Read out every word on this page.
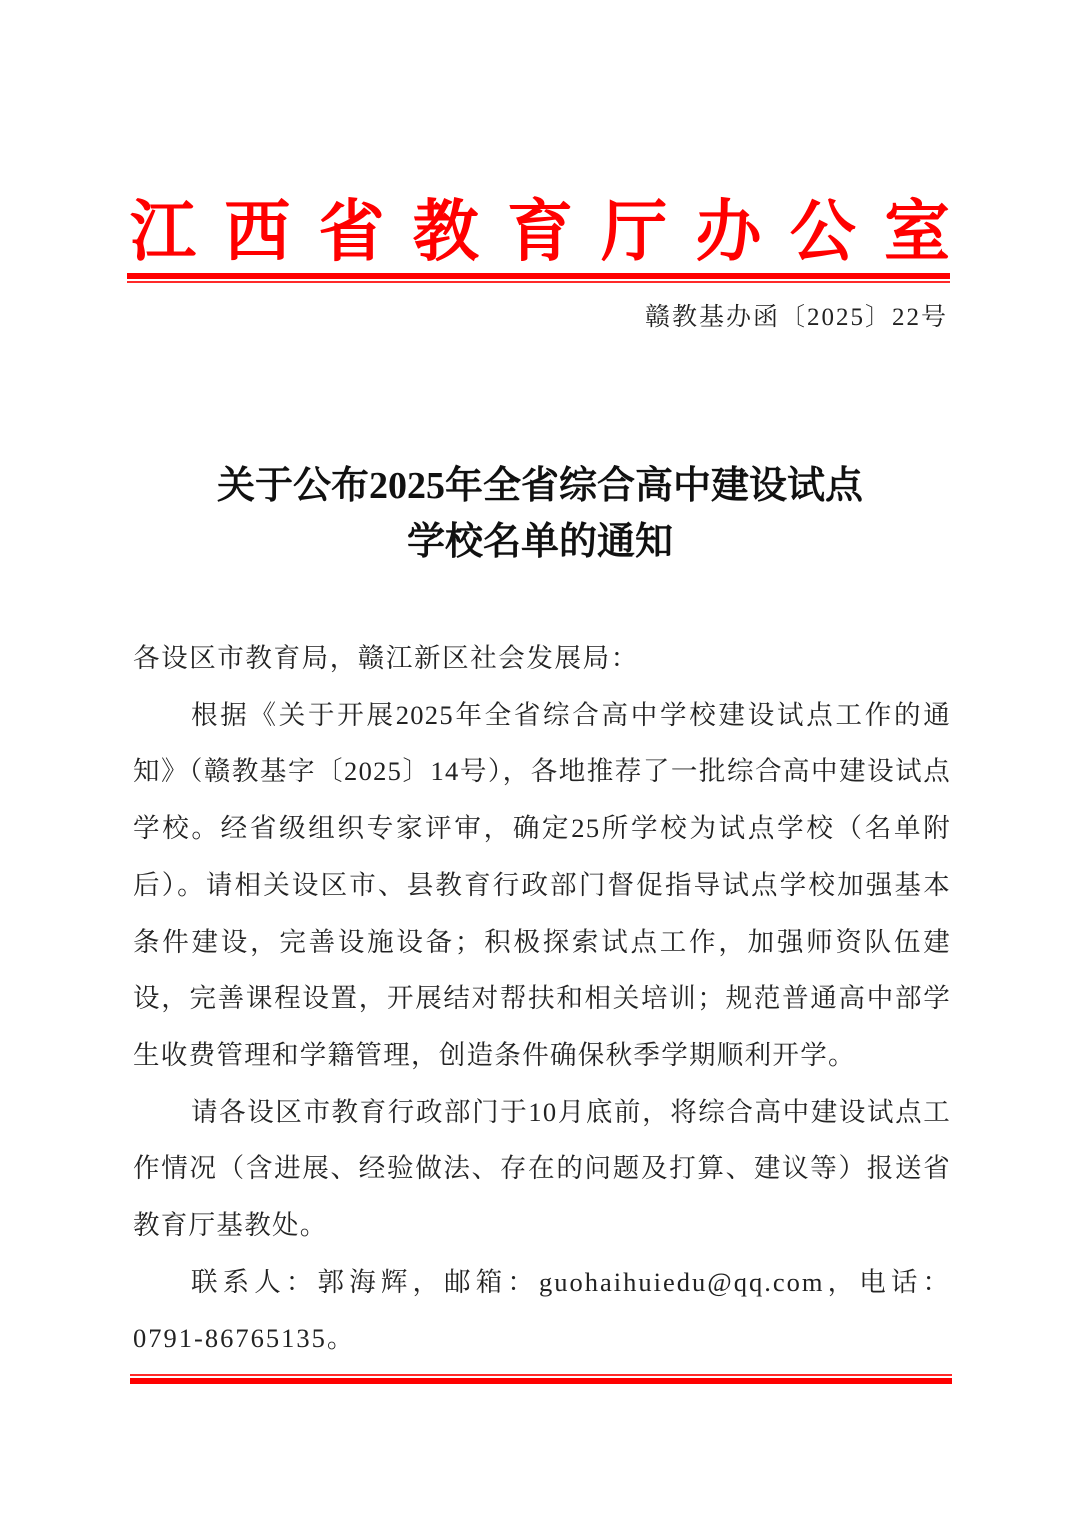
江 西 省 教 育 厅 办 公 室
赣教基办函〔2025〕22号
关于公布2025年全省综合高中建设试点
学校名单的通知

各设区市教育局，赣江新区社会发展局：

根据《关于开展2025年全省综合高中学校建设试点工作的通知》（赣教基字〔2025〕14号），各地推荐了一批综合高中建设试点学校。经省级组织专家评审，确定25所学校为试点学校（名单附后）。请相关设区市、县教育行政部门督促指导试点学校加强基本条件建设，完善设施设备；积极探索试点工作，加强师资队伍建设，完善课程设置，开展结对帮扶和相关培训；规范普通高中部学生收费管理和学籍管理，创造条件确保秋季学期顺利开学。

请各设区市教育行政部门于10月底前，将综合高中建设试点工作情况（含进展、经验做法、存在的问题及打算、建议等）报送省教育厅基教处。

联系人：郭海辉，邮箱：guohaihuiedu@qq.com，电话：0791-86765135。
